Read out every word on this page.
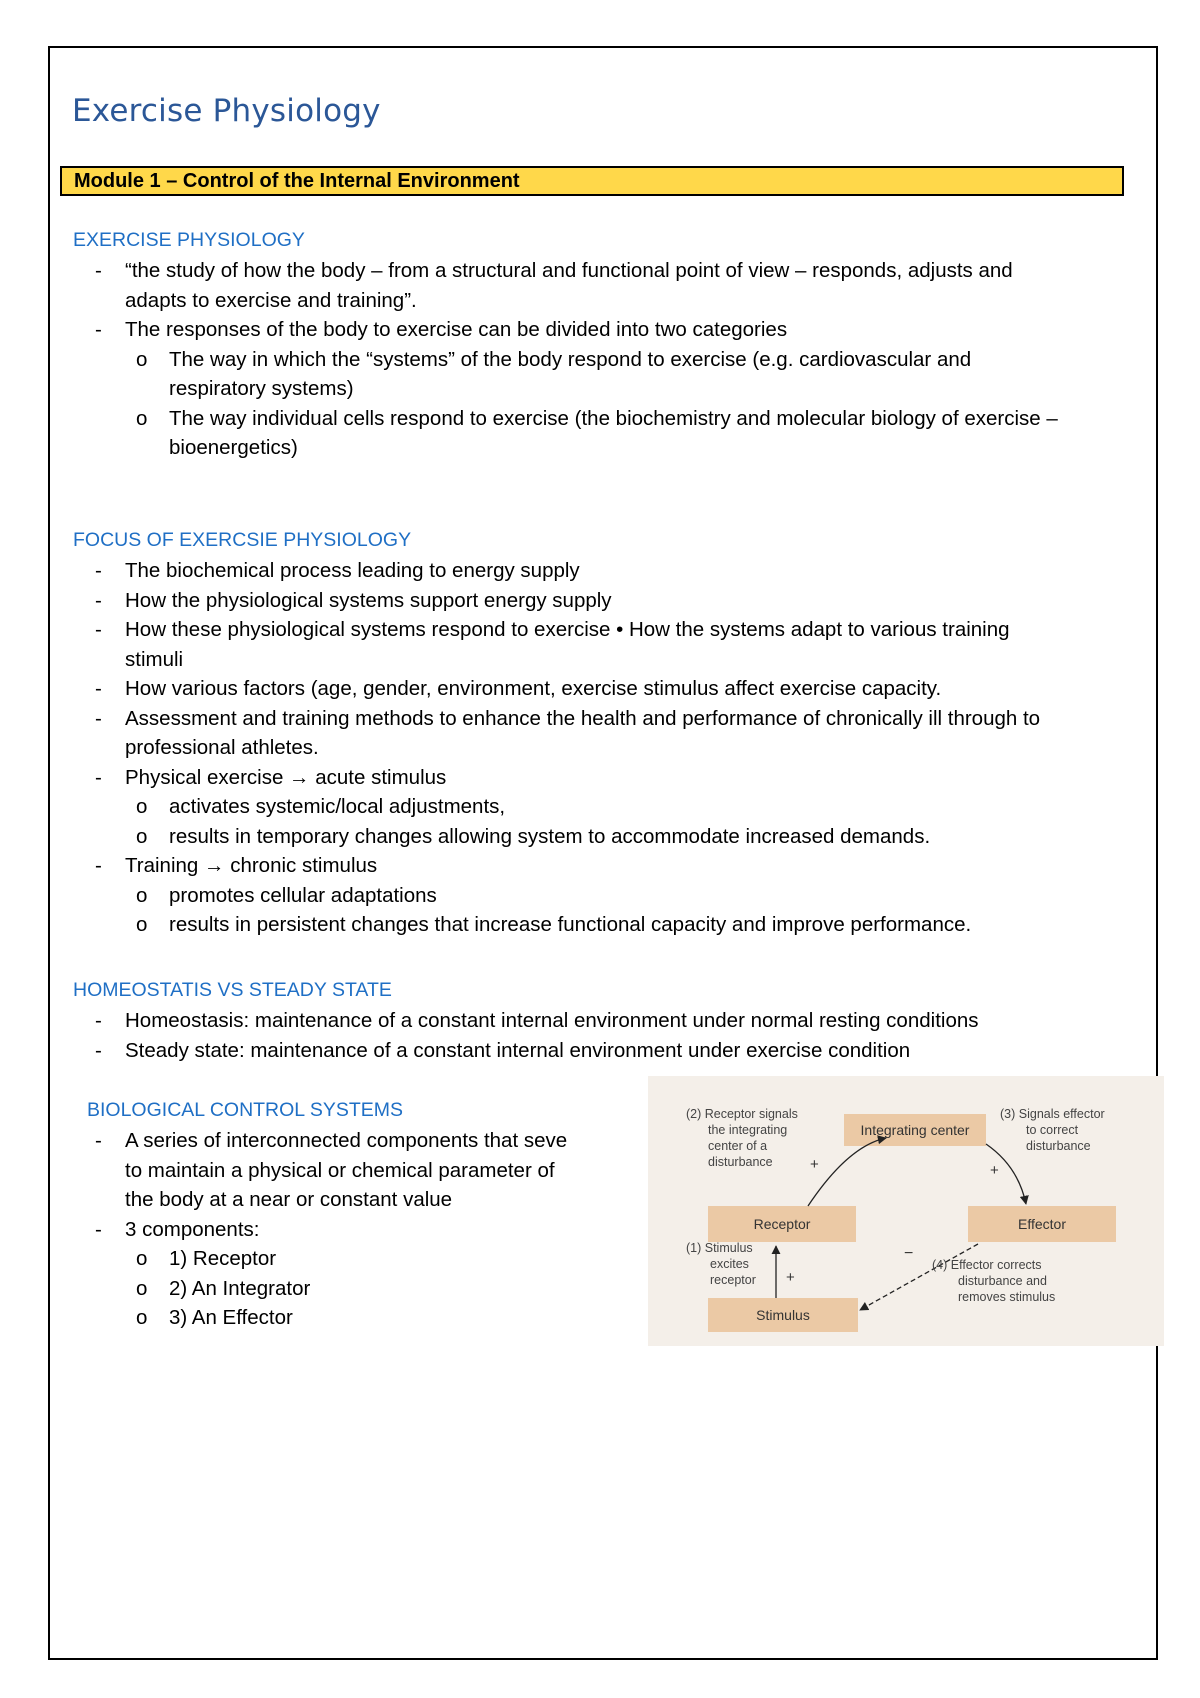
Exercise Physiology
Module 1 – Control of the Internal Environment
EXERCISE PHYSIOLOGY
- “the study of how the body – from a structural and functional point of view – responds, adjusts and
adapts to exercise and training”.
- The responses of the body to exercise can be divided into two categories
o The way in which the “systems” of the body respond to exercise (e.g. cardiovascular and
respiratory systems)
o The way individual cells respond to exercise (the biochemistry and molecular biology of exercise –
bioenergetics)
FOCUS OF EXERCSIE PHYSIOLOGY
- The biochemical process leading to energy supply
- How the physiological systems support energy supply
- How these physiological systems respond to exercise • How the systems adapt to various training
stimuli
- How various factors (age, gender, environment, exercise stimulus affect exercise capacity.
- Assessment and training methods to enhance the health and performance of chronically ill through to
professional athletes.
- Physical exercise → acute stimulus
o activates systemic/local adjustments,
o results in temporary changes allowing system to accommodate increased demands.
- Training → chronic stimulus
o promotes cellular adaptations
o results in persistent changes that increase functional capacity and improve performance.
HOMEOSTATIS VS STEADY STATE
- Homeostasis: maintenance of a constant internal environment under normal resting conditions
- Steady state: maintenance of a constant internal environment under exercise condition
BIOLOGICAL CONTROL SYSTEMS
- A series of interconnected components that seve
to maintain a physical or chemical parameter of
the body at a near or constant value
- 3 components:
o 1) Receptor
o 2) An Integrator
o 3) An Effector
Integrating center
Receptor	Effector
Stimulus
+	+
+
−
(2) Receptor signals
the integrating
center of a
disturbance
(3) Signals effector
to correct
disturbance
(1) Stimulus
excites
receptor
(4) Effector corrects
disturbance and
removes stimulus
